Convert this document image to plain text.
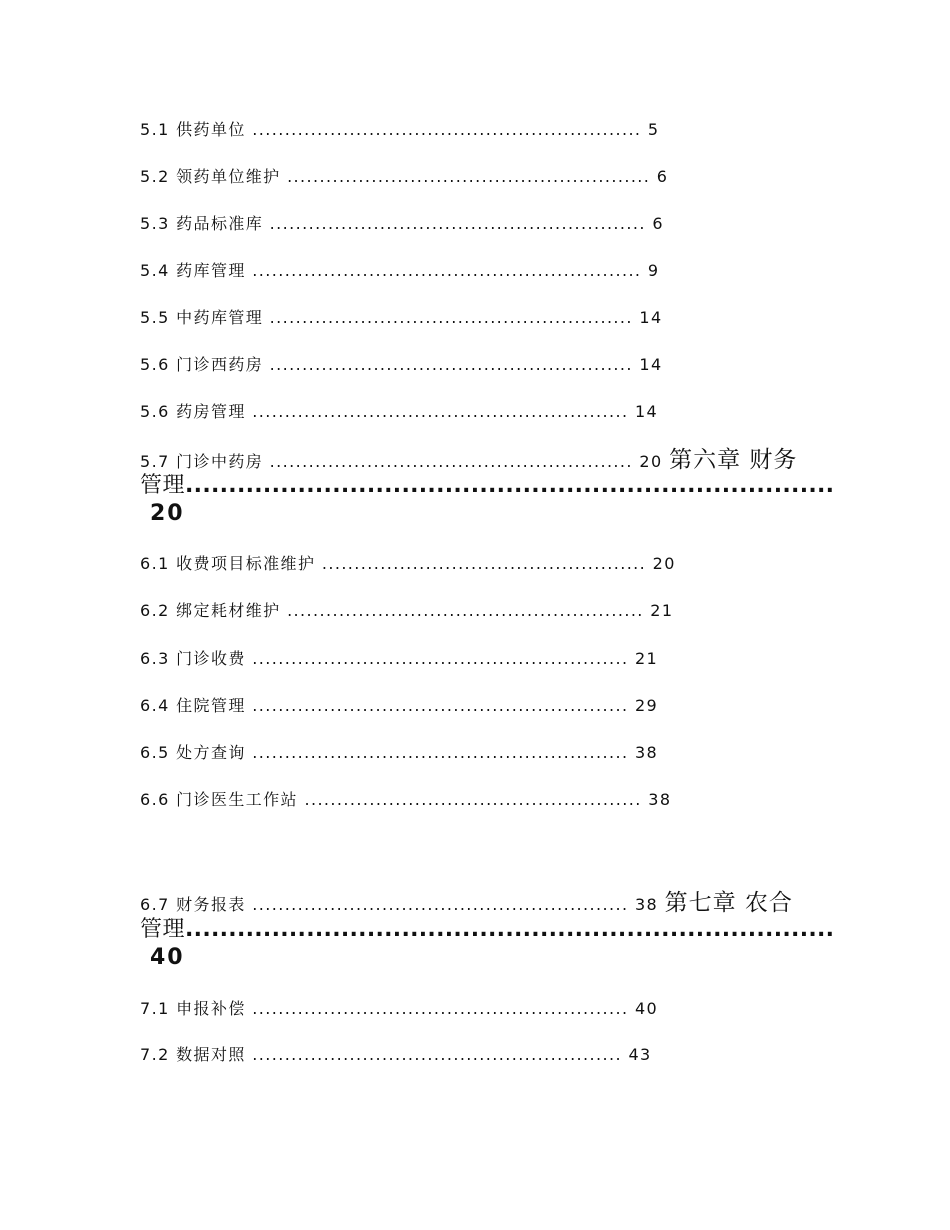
5.1 供药单位 ............................................................ 5
5.2 领药单位维护 ........................................................ 6
5.3 药品标准库 .......................................................... 6
5.4 药库管理 ............................................................ 9
5.5 中药库管理 ........................................................ 14
5.6 门诊西药房 ........................................................ 14
5.6 药房管理 .......................................................... 14
5.7 门诊中药房 ........................................................ 20 第六章 财务
管理...........................................................................
20
6.1 收费项目标准维护 .................................................. 20
6.2 绑定耗材维护 ....................................................... 21
6.3 门诊收费 .......................................................... 21
6.4 住院管理 .......................................................... 29
6.5 处方查询 .......................................................... 38
6.6 门诊医生工作站 .................................................... 38
6.7 财务报表 .......................................................... 38 第七章 农合
管理...........................................................................
40
7.1 申报补偿 .......................................................... 40
7.2 数据对照 ......................................................... 43
